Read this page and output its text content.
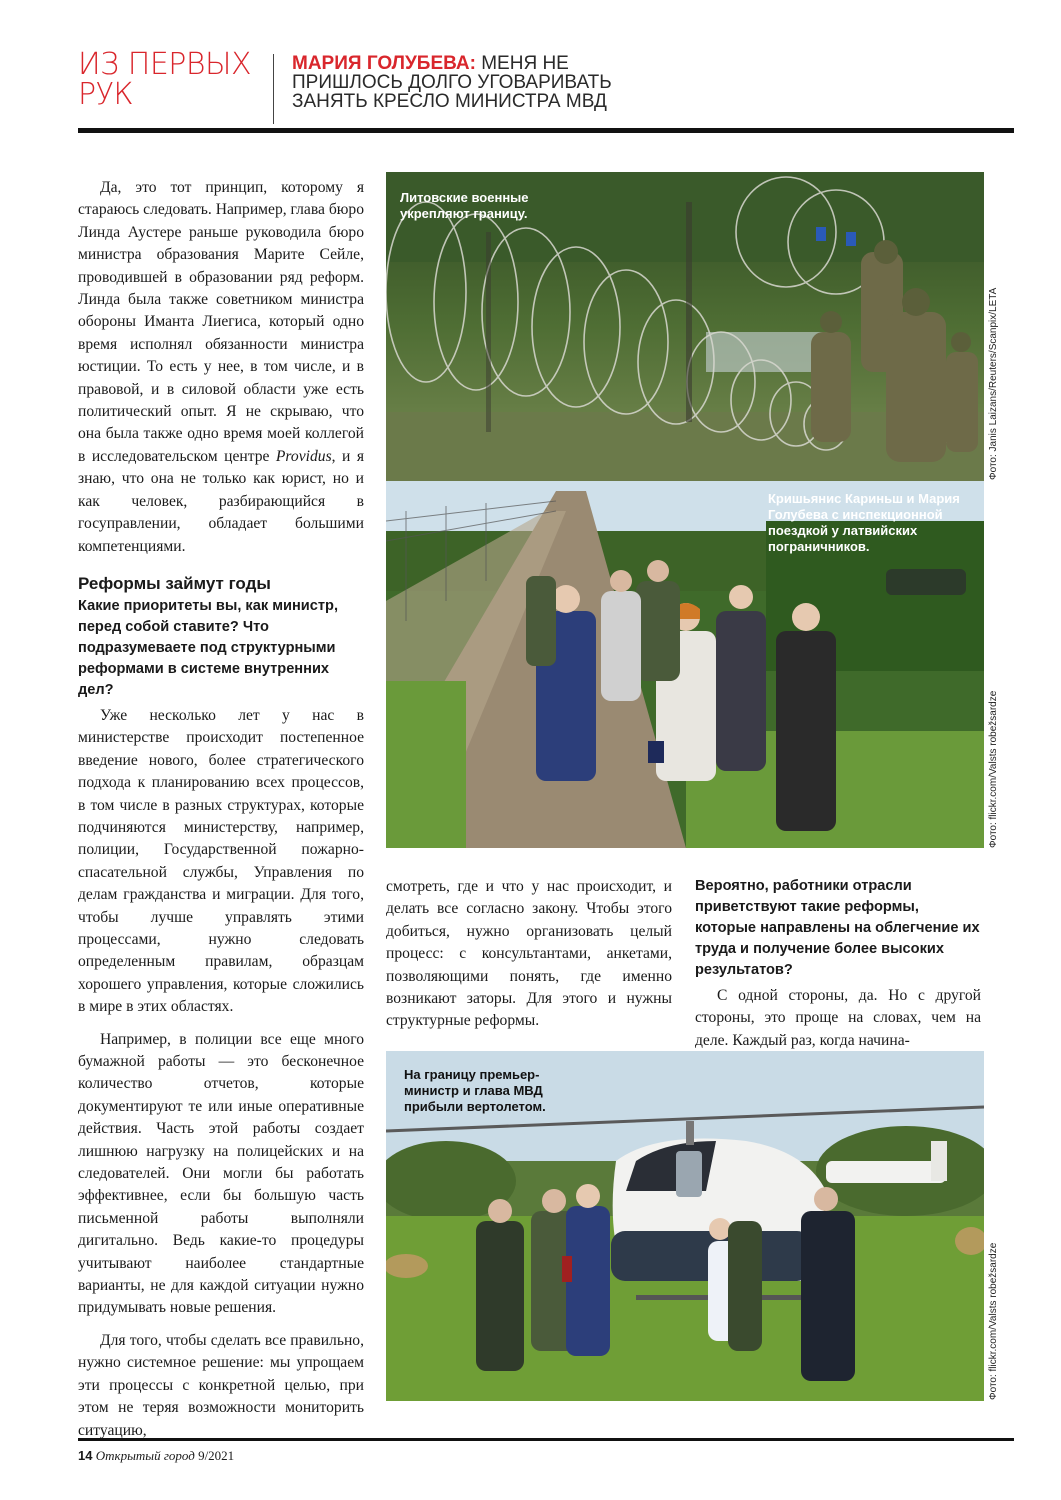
ИЗ ПЕРВЫХ
РУК
МАРИЯ ГОЛУБЕВА: МЕНЯ НЕ
ПРИШЛОСЬ ДОЛГО УГОВАРИВАТЬ
ЗАНЯТЬ КРЕСЛО МИНИСТРА МВД

Да, это тот принцип, которому я стараюсь следовать. Например, глава бюро Линда Аустере раньше руководила бюро министра образования Марите Сейле, проводившей в образовании ряд реформ. Линда была также советником министра обороны Иманта Лиегиса, который одно время исполнял обязанности министра юстиции. То есть у нее, в том числе, и в правовой, и в силовой области уже есть политический опыт. Я не скрываю, что она была также одно время моей коллегой в исследовательском центре Providus, и я знаю, что она не только как юрист, но и как человек, разбирающийся в госуправлении, обладает большими компетенциями.

Реформы займут годы
Какие приоритеты вы, как министр, перед собой ставите? Что подразумеваете под структурными реформами в системе внутренних дел?

Уже несколько лет у нас в министерстве происходит постепенное введение нового, более стратегического подхода к планированию всех процессов, в том числе в разных структурах, которые подчиняются министерству, например, полиции, Государственной пожарно-спасательной службы, Управления по делам гражданства и миграции. Для того, чтобы лучше управлять этими процессами, нужно следовать определенным правилам, образцам хорошего управления, которые сложились в мире в этих областях.

Например, в полиции все еще много бумажной работы — это бесконечное количество отчетов, которые документируют те или иные оперативные действия. Часть этой работы создает лишнюю нагрузку на полицейских и на следователей. Они могли бы работать эффективнее, если бы большую часть письменной работы выполняли дигитально. Ведь какие-то процедуры учитывают наиболее стандартные варианты, не для каждой ситуации нужно придумывать новые решения.

Для того, чтобы сделать все правильно, нужно системное решение: мы упрощаем эти процессы с конкретной целью, при этом не теряя возможности мониторить ситуацию,

смотреть, где и что у нас происходит, и делать все согласно закону. Чтобы этого добиться, нужно организовать целый процесс: с консультантами, анкетами, позволяющими понять, где именно возникают заторы. Для этого и нужны структурные реформы.

Вероятно, работники отрасли приветствуют такие реформы, которые направлены на облегчение их труда и получение более высоких результатов?

С одной стороны, да. Но с другой стороны, это проще на словах, чем на деле. Каждый раз, когда начина-

Литовские военные укрепляют границу.
Фото: Janis Laizans/Reuters/Scanpix/LETA
Кришьянис Кариньш и Мария Голубева с инспекционной поездкой у латвийских пограничников.
Фото: flickr.com/Valsts robežsardze
На границу премьер-министр и глава МВД прибыли вертолетом.
Фото: flickr.com/Valsts robežsardze
14 Открытый город 9/2021
